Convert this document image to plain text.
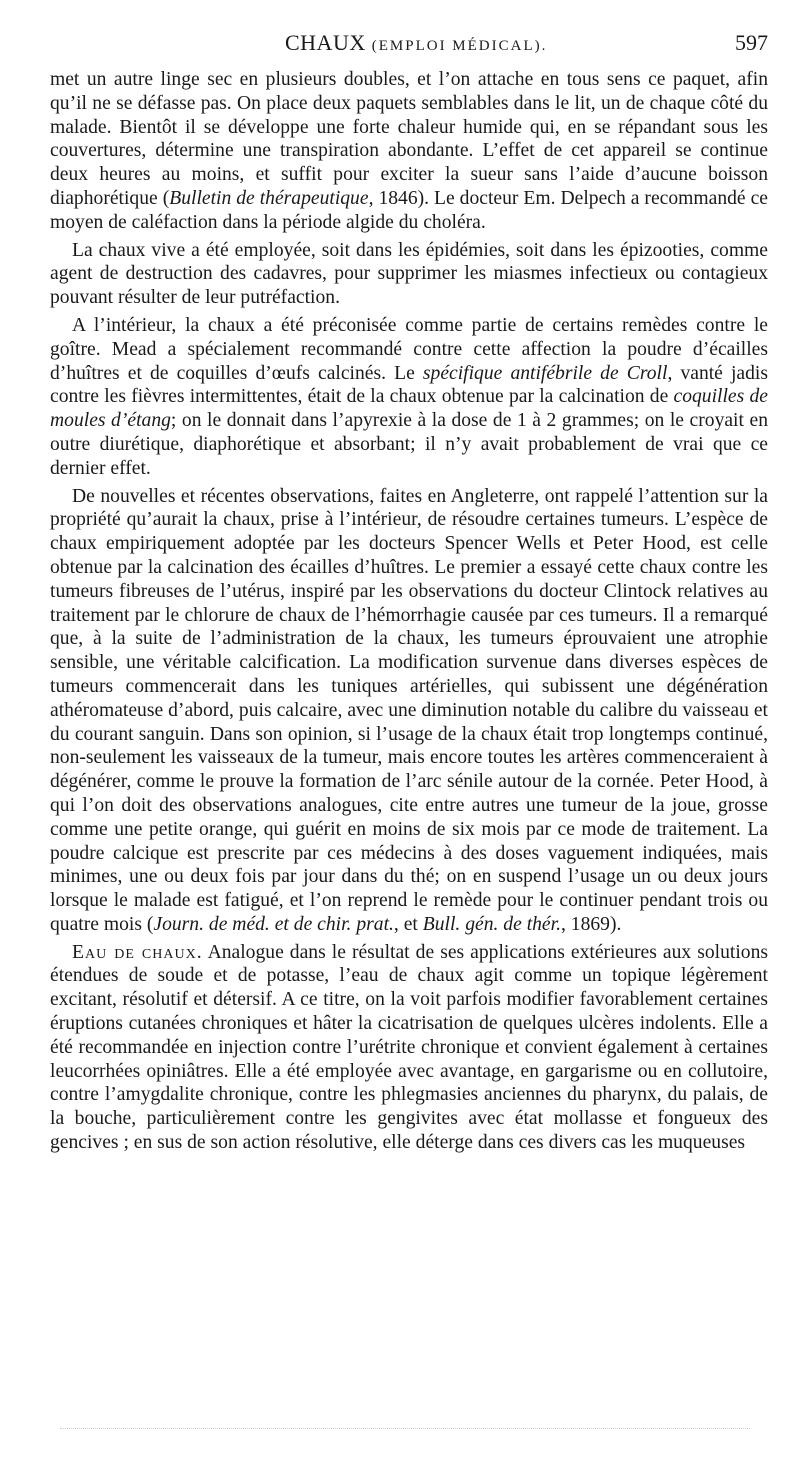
CHAUX (EMPLOI MÉDICAL).	597

met un autre linge sec en plusieurs doubles, et l’on attache en tous sens ce paquet, afin qu’il ne se défasse pas. On place deux paquets semblables dans le lit, un de chaque côté du malade. Bientôt il se développe une forte chaleur humide qui, en se répandant sous les couvertures, détermine une transpiration abondante. L’effet de cet appareil se continue deux heures au moins, et suffit pour exciter la sueur sans l’aide d’aucune boisson diaphorétique (Bulletin de thérapeutique, 1846). Le docteur Em. Delpech a recommandé ce moyen de caléfaction dans la période algide du choléra.

La chaux vive a été employée, soit dans les épidémies, soit dans les épizooties, comme agent de destruction des cadavres, pour supprimer les miasmes infectieux ou contagieux pouvant résulter de leur putréfaction.

A l’intérieur, la chaux a été préconisée comme partie de certains remèdes contre le goître. Mead a spécialement recommandé contre cette affection la poudre d’écailles d’huîtres et de coquilles d’œufs calcinés. Le spécifique antifébrile de Croll, vanté jadis contre les fièvres intermittentes, était de la chaux obtenue par la calcination de coquilles de moules d’étang; on le donnait dans l’apyrexie à la dose de 1 à 2 grammes; on le croyait en outre diurétique, diaphorétique et absorbant; il n’y avait probablement de vrai que ce dernier effet.

De nouvelles et récentes observations, faites en Angleterre, ont rappelé l’attention sur la propriété qu’aurait la chaux, prise à l’intérieur, de résoudre certaines tumeurs. L’espèce de chaux empiriquement adoptée par les docteurs Spencer Wells et Peter Hood, est celle obtenue par la calcination des écailles d’huîtres. Le premier a essayé cette chaux contre les tumeurs fibreuses de l’utérus, inspiré par les observations du docteur Clintock relatives au traitement par le chlorure de chaux de l’hémorrhagie causée par ces tumeurs. Il a remarqué que, à la suite de l’administration de la chaux, les tumeurs éprouvaient une atrophie sensible, une véritable calcification. La modification survenue dans diverses espèces de tumeurs commencerait dans les tuniques artérielles, qui subissent une dégénération athéromateuse d’abord, puis calcaire, avec une diminution notable du calibre du vaisseau et du courant sanguin. Dans son opinion, si l’usage de la chaux était trop longtemps continué, non-seulement les vaisseaux de la tumeur, mais encore toutes les artères commenceraient à dégénérer, comme le prouve la formation de l’arc sénile autour de la cornée. Peter Hood, à qui l’on doit des observations analogues, cite entre autres une tumeur de la joue, grosse comme une petite orange, qui guérit en moins de six mois par ce mode de traitement. La poudre calcique est prescrite par ces médecins à des doses vaguement indiquées, mais minimes, une ou deux fois par jour dans du thé; on en suspend l’usage un ou deux jours lorsque le malade est fatigué, et l’on reprend le remède pour le continuer pendant trois ou quatre mois (Journ. de méd. et de chir. prat., et Bull. gén. de thér., 1869).

Eau de chaux. Analogue dans le résultat de ses applications extérieures aux solutions étendues de soude et de potasse, l’eau de chaux agit comme un topique légèrement excitant, résolutif et détersif. A ce titre, on la voit parfois modifier favorablement certaines éruptions cutanées chroniques et hâter la cicatrisation de quelques ulcères indolents. Elle a été recommandée en injection contre l’urétrite chronique et convient également à certaines leucorrhées opiniâtres. Elle a été employée avec avantage, en gargarisme ou en collutoire, contre l’amygdalite chronique, contre les phlegmasies anciennes du pharynx, du palais, de la bouche, particulièrement contre les gengivites avec état mollasse et fongueux des gencives ; en sus de son action résolutive, elle déterge dans ces divers cas les muqueuses
